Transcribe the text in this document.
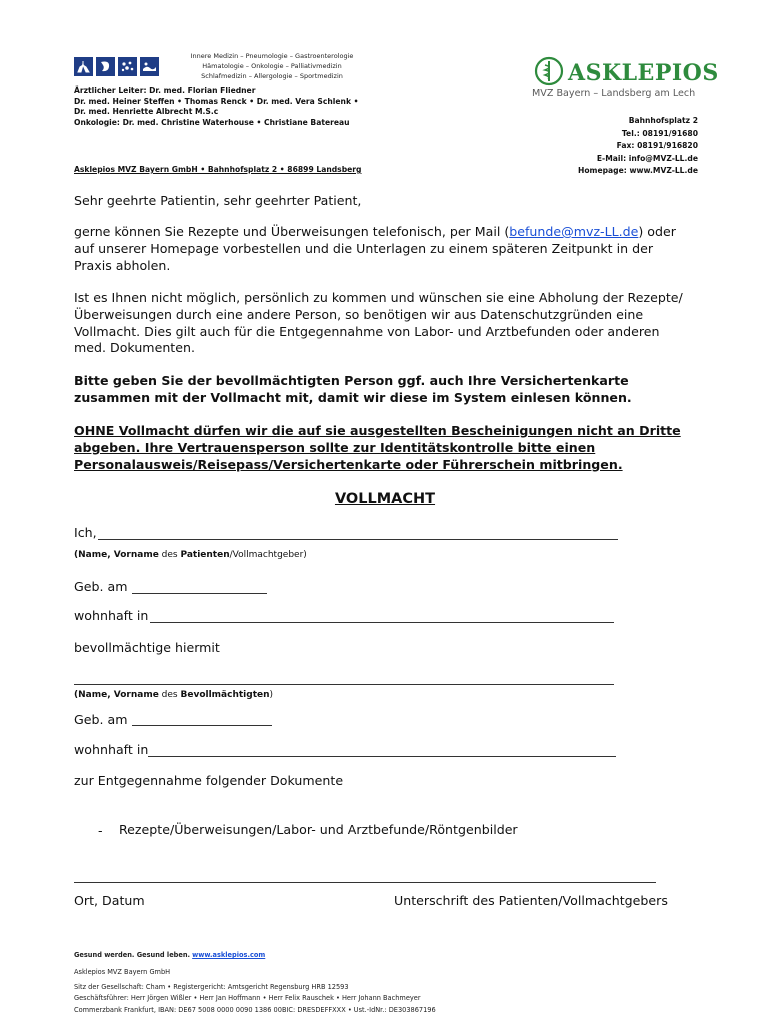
Innere Medizin – Pneumologie – Gastroenterologie
Hämatologie – Onkologie – Palliativmedizin
Schlafmedizin – Allergologie – Sportmedizin
Ärztlicher Leiter: Dr. med. Florian Fliedner
Dr. med. Heiner Steffen • Thomas Renck • Dr. med. Vera Schlenk •
Dr. med. Henriette Albrecht M.S.c
Onkologie: Dr. med. Christine Waterhouse • Christiane Batereau
ASKLEPIOS
MVZ Bayern – Landsberg am Lech
Bahnhofsplatz 2
Tel.: 08191/91680
Fax: 08191/916820
E-Mail: info@MVZ-LL.de
Homepage: www.MVZ-LL.de
Asklepios MVZ Bayern GmbH • Bahnhofsplatz 2 • 86899 Landsberg
Sehr geehrte Patientin, sehr geehrter Patient,
gerne können Sie Rezepte und Überweisungen telefonisch, per Mail (befunde@mvz-LL.de) oder auf unserer Homepage vorbestellen und die Unterlagen zu einem späteren Zeitpunkt in der Praxis abholen.
Ist es Ihnen nicht möglich, persönlich zu kommen und wünschen sie eine Abholung der Rezepte/Überweisungen durch eine andere Person, so benötigen wir aus Datenschutzgründen eine Vollmacht. Dies gilt auch für die Entgegennahme von Labor- und Arztbefunden oder anderen med. Dokumenten.
Bitte geben Sie der bevollmächtigten Person ggf. auch Ihre Versichertenkarte zusammen mit der Vollmacht mit, damit wir diese im System einlesen können.
OHNE Vollmacht dürfen wir die auf sie ausgestellten Bescheinigungen nicht an Dritte abgeben. Ihre Vertrauensperson sollte zur Identitätskontrolle bitte einen Personalausweis/Reisepass/Versichertenkarte oder Führerschein mitbringen.
VOLLMACHT
Ich,
(Name, Vorname des Patienten/Vollmachtgeber)
Geb. am
wohnhaft in
bevollmächtige hiermit
(Name, Vorname des Bevollmächtigten)
Geb. am
wohnhaft in
zur Entgegennahme folgender Dokumente
- Rezepte/Überweisungen/Labor- und Arztbefunde/Röntgenbilder
Ort, Datum	Unterschrift des Patienten/Vollmachtgebers
Gesund werden. Gesund leben. www.asklepios.com
Asklepios MVZ Bayern GmbH
Sitz der Gesellschaft: Cham • Registergericht: Amtsgericht Regensburg HRB 12593
Geschäftsführer: Herr Jörgen Wißler • Herr Jan Hoffmann • Herr Felix Rauschek • Herr Johann Bachmeyer
Commerzbank Frankfurt, IBAN: DE67 5008 0000 0090 1386 00BIC: DRESDEFFXXX • Ust.-IdNr.: DE303867196
